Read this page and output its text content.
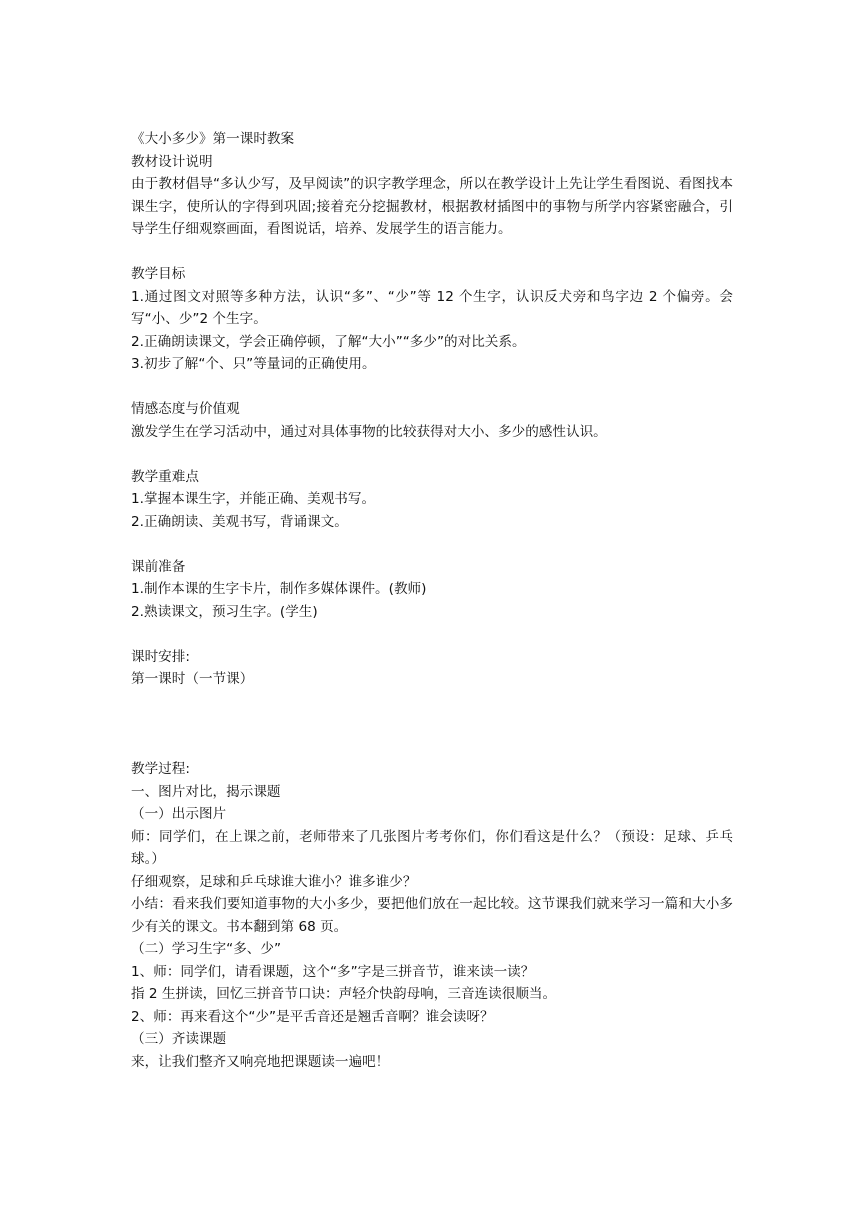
《大小多少》第一课时教案
教材设计说明
由于教材倡导“多认少写，及早阅读”的识字教学理念，所以在教学设计上先让学生看图说、看图找本课生字，使所认的字得到巩固;接着充分挖掘教材，根据教材插图中的事物与所学内容紧密融合，引导学生仔细观察画面，看图说话，培养、发展学生的语言能力。
教学目标
1.通过图文对照等多种方法，认识“多”、“少”等 12 个生字，认识反犬旁和鸟字边 2 个偏旁。会写“小、少”2 个生字。
2.正确朗读课文，学会正确停顿，了解“大小”“多少”的对比关系。
3.初步了解“个、只”等量词的正确使用。
情感态度与价值观
激发学生在学习活动中，通过对具体事物的比较获得对大小、多少的感性认识。
教学重难点
1.掌握本课生字，并能正确、美观书写。
2.正确朗读、美观书写，背诵课文。
课前准备
1.制作本课的生字卡片，制作多媒体课件。(教师)
2.熟读课文，预习生字。(学生)
课时安排:
第一课时（一节课）
教学过程:
一、图片对比，揭示课题
（一）出示图片
师：同学们，在上课之前，老师带来了几张图片考考你们，你们看这是什么？（预设：足球、乒乓球。）
仔细观察，足球和乒乓球谁大谁小？谁多谁少？
小结：看来我们要知道事物的大小多少，要把他们放在一起比较。这节课我们就来学习一篇和大小多少有关的课文。书本翻到第 68 页。
（二）学习生字“多、少”
1、师：同学们，请看课题，这个“多”字是三拼音节，谁来读一读？
指 2 生拼读，回忆三拼音节口诀：声轻介快韵母响，三音连读很顺当。
2、师：再来看这个“少”是平舌音还是翘舌音啊？谁会读呀？
（三）齐读课题
来，让我们整齐又响亮地把课题读一遍吧！
